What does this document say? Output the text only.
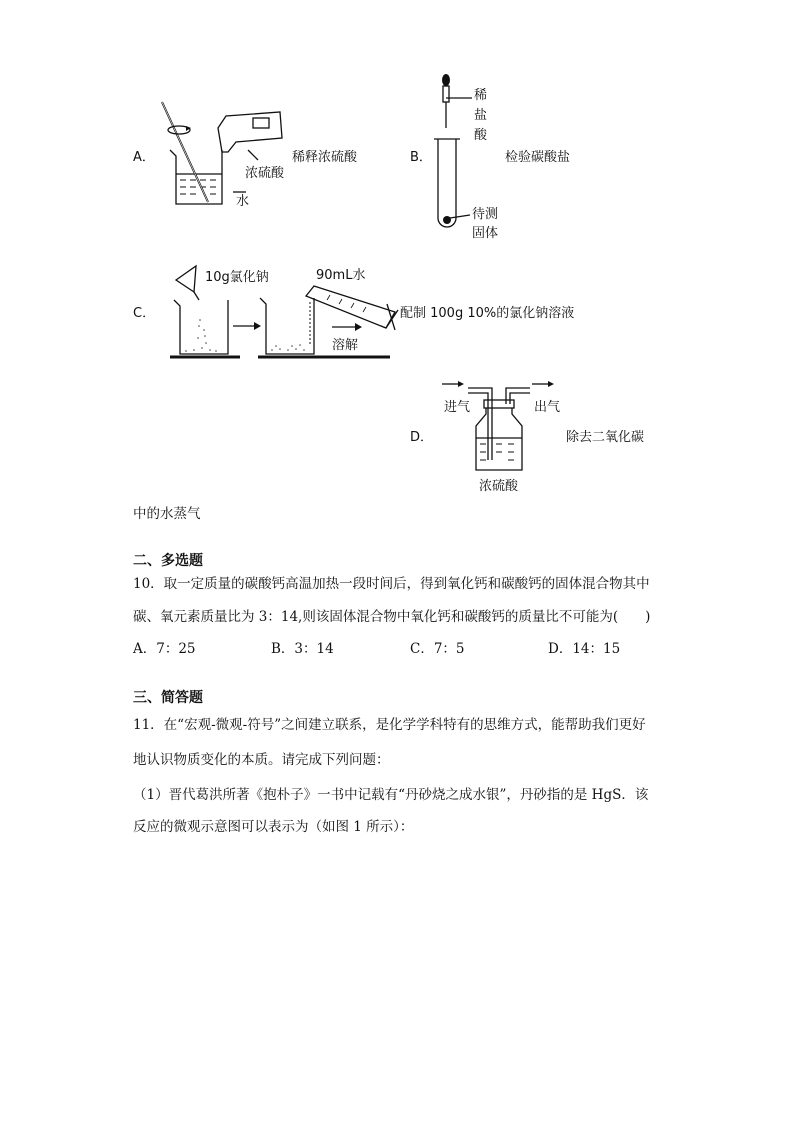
A．	稀释浓硫酸
浓硫酸
水
B．
稀
盐
酸
检验碳酸盐
待测
固体
C．
10g氯化钠	90mL水
配制 100g 10%的氯化钠溶液
溶解
D．
进气	出气
除去二氧化碳
浓硫酸
中的水蒸气
二、多选题
10．取一定质量的碳酸钙高温加热一段时间后，得到氧化钙和碳酸钙的固体混合物其中
碳、氧元素质量比为 3：14,则该固体混合物中氧化钙和碳酸钙的质量比不可能为(　　)
A．7：25	B．3：14	C．7：5	D．14：15
三、简答题
11．在“宏观-微观-符号”之间建立联系，是化学学科特有的思维方式，能帮助我们更好
地认识物质变化的本质。请完成下列问题：
（1）晋代葛洪所著《抱朴子》一书中记载有“丹砂烧之成水银”，丹砂指的是 HgS．该
反应的微观示意图可以表示为（如图 1 所示）：
